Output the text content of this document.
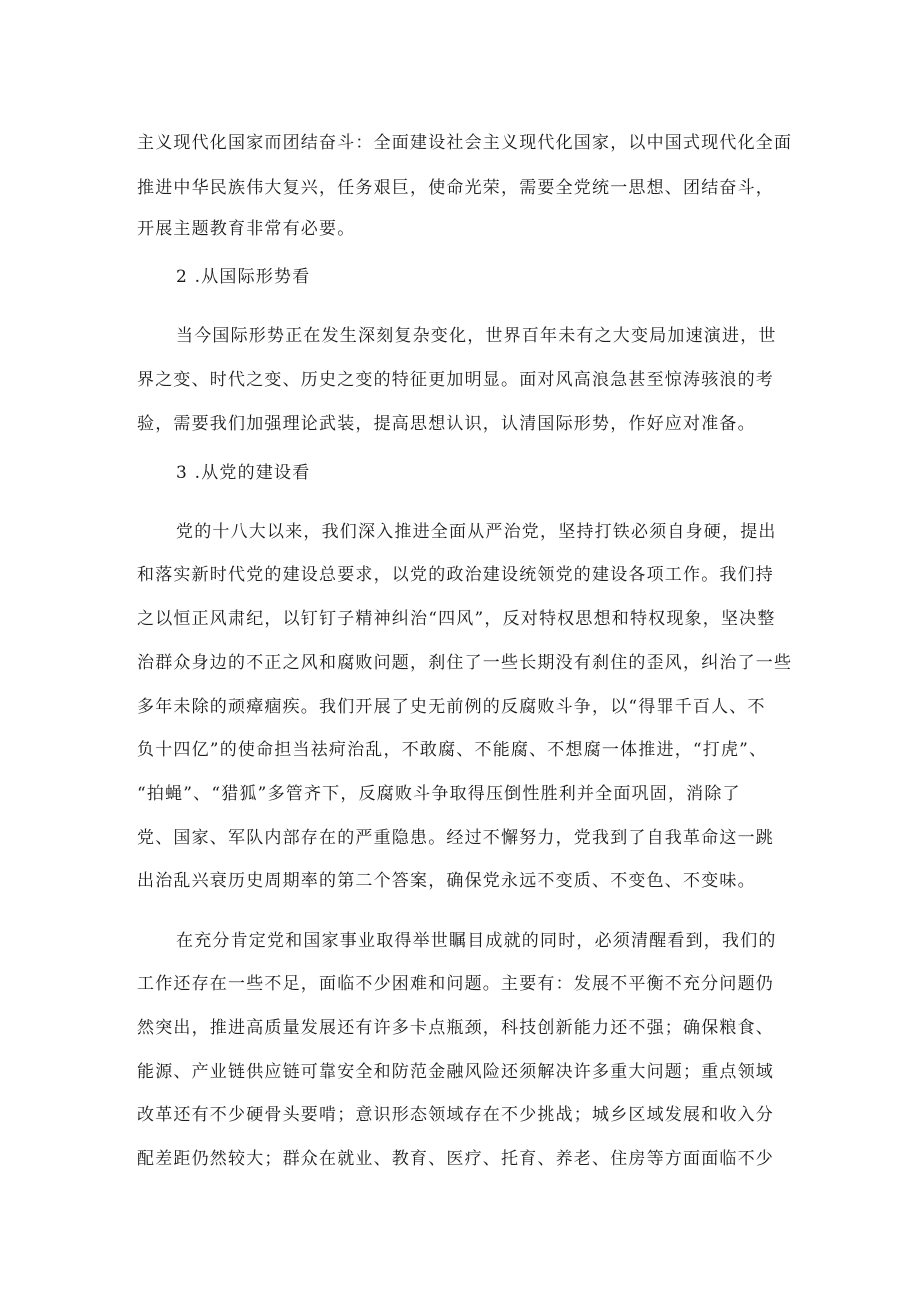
主义现代化国家而团结奋斗：全面建设社会主义现代化国家，以中国式现代化全面
推进中华民族伟大复兴，任务艰巨，使命光荣，需要全党统一思想、团结奋斗，
开展主题教育非常有必要。
2 .从国际形势看
当今国际形势正在发生深刻复杂变化，世界百年未有之大变局加速演进，世
界之变、时代之变、历史之变的特征更加明显。面对风高浪急甚至惊涛骇浪的考
验，需要我们加强理论武装，提高思想认识，认清国际形势，作好应对准备。
3 .从党的建设看
党的十八大以来，我们深入推进全面从严治党，坚持打铁必须自身硬，提出
和落实新时代党的建设总要求，以党的政治建设统领党的建设各项工作。我们持
之以恒正风肃纪，以钉钉子精神纠治“四风”，反对特权思想和特权现象，坚决整
治群众身边的不正之风和腐败问题，刹住了一些长期没有刹住的歪风，纠治了一些
多年未除的顽瘴痼疾。我们开展了史无前例的反腐败斗争，以“得罪千百人、不
负十四亿”的使命担当祛疴治乱，不敢腐、不能腐、不想腐一体推进，“打虎”、
“拍蝇”、“猎狐”多管齐下，反腐败斗争取得压倒性胜利并全面巩固，消除了
党、国家、军队内部存在的严重隐患。经过不懈努力，党我到了自我革命这一跳
出治乱兴衰历史周期率的第二个答案，确保党永远不变质、不变色、不变味。
在充分肯定党和国家事业取得举世瞩目成就的同时，必须清醒看到，我们的
工作还存在一些不足，面临不少困难和问题。主要有：发展不平衡不充分问题仍
然突出，推进高质量发展还有许多卡点瓶颈，科技创新能力还不强；确保粮食、
能源、产业链供应链可靠安全和防范金融风险还须解决许多重大问题；重点领域
改革还有不少硬骨头要啃；意识形态领域存在不少挑战；城乡区域发展和收入分
配差距仍然较大；群众在就业、教育、医疗、托育、养老、住房等方面面临不少
